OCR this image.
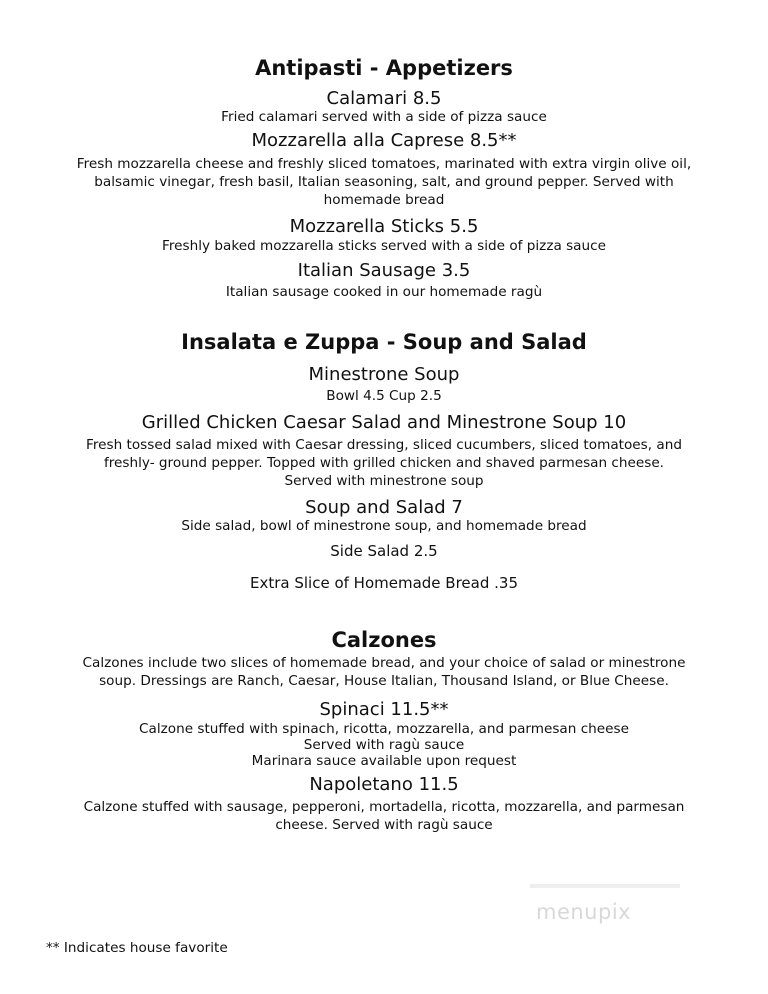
Antipasti - Appetizers
Calamari 8.5
Fried calamari served with a side of pizza sauce
Mozzarella alla Caprese 8.5**
Fresh mozzarella cheese and freshly sliced tomatoes, marinated with extra virgin olive oil,
balsamic vinegar, fresh basil, Italian seasoning, salt, and ground pepper. Served with
homemade bread
Mozzarella Sticks 5.5
Freshly baked mozzarella sticks served with a side of pizza sauce
Italian Sausage 3.5
Italian sausage cooked in our homemade ragù
Insalata e Zuppa - Soup and Salad
Minestrone Soup
Bowl 4.5 Cup 2.5
Grilled Chicken Caesar Salad and Minestrone Soup 10
Fresh tossed salad mixed with Caesar dressing, sliced cucumbers, sliced tomatoes, and
freshly- ground pepper. Topped with grilled chicken and shaved parmesan cheese.
Served with minestrone soup
Soup and Salad 7
Side salad, bowl of minestrone soup, and homemade bread
Side Salad 2.5
Extra Slice of Homemade Bread .35
Calzones
Calzones include two slices of homemade bread, and your choice of salad or minestrone
soup. Dressings are Ranch, Caesar, House Italian, Thousand Island, or Blue Cheese.
Spinaci 11.5**
Calzone stuffed with spinach, ricotta, mozzarella, and parmesan cheese
Served with ragù sauce
Marinara sauce available upon request
Napoletano 11.5
Calzone stuffed with sausage, pepperoni, mortadella, ricotta, mozzarella, and parmesan
cheese. Served with ragù sauce
menupix
** Indicates house favorite
